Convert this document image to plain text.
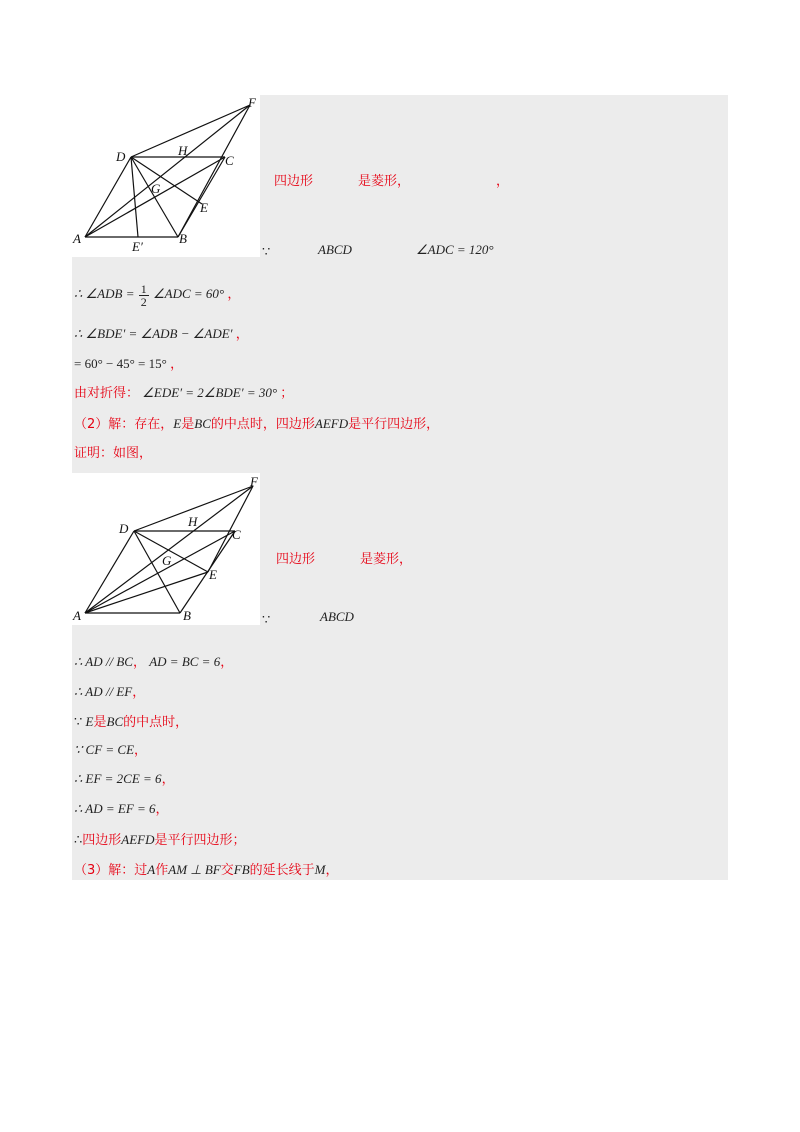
F
D	H
C
G
E
A
E′
B
四边形	是菱形，	，
∵	ABCD	∠ADC = 120°
∴ ∠ADB = $\frac{1}{2}$ ∠ADC = 60° ，
∴ ∠BDE′ = ∠ADB − ∠ADE′ ，
= 60° − 45° = 15° ，
由对折得： ∠EDE′ = 2∠BDE′ = 30° ；
（2）解：存在，E是BC的中点时，四边形AEFD是平行四边形，
证明：如图，
F
D	H
C
G
E
A	B
四边形	是菱形，
∵	ABCD
∴ AD // BC， AD = BC = 6，
∴ AD // EF，
∵ E是BC的中点时，
∵ CF = CE，
∴ EF = 2CE = 6，
∴ AD = EF = 6，
∴四边形AEFD是平行四边形；
（3）解：过A作AM ⊥ BF交FB的延长线于M，
